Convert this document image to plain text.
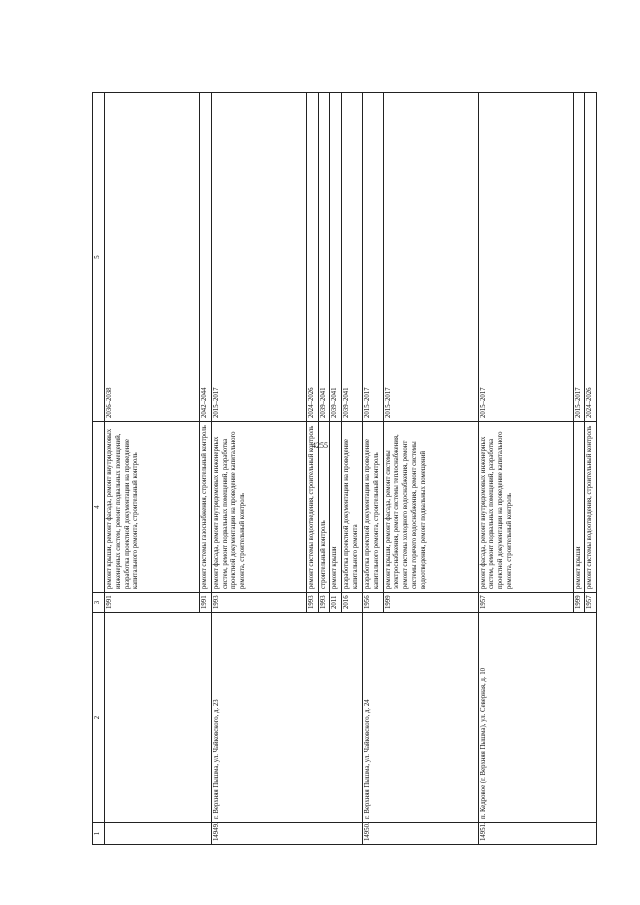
4255
1	2	3	4	5
		1991	ремонт крыши, ремонт фасада, ремонт внутридомовых инженерных систем, ремонт подвальных помещений, разработка проектной документации на проведение капитального ремонта, строительный контроль	2036–2038
		1991	ремонт системы газоснабжения, строительный контроль	2042–2044
14949.	г. Верхняя Пышма, ул. Чайковского, д. 23	1993	ремонт фасада, ремонт внутридомовых инженерных систем, ремонт подвальных помещений, разработка проектной документации на проведение капитального ремонта, строительный контроль	2015–2017
		1993	ремонт системы водоотведения, строительный контроль	2024–2026
		1993	строительный контроль	2039–2041
		2011	ремонт крыши	2039–2041
		2016	разработка проектной документации на проведение капитального ремонта	2039–2041
14950.	г. Верхняя Пышма, ул. Чайковского, д. 24	1956	разработка проектной документации на проведение капитального ремонта, строительный контроль	2015–2017
		1999	ремонт крыши, ремонт фасада, ремонт системы электроснабжения, ремонт системы теплоснабжения, ремонт системы холодного водоснабжения, ремонт системы горячего водоснабжения, ремонт системы водоотведения, ремонт подвальных помещений	2015–2017
14951.	п. Кедровое (г. Верхняя Пышма), ул. Северная, д. 10	1957	ремонт фасада, ремонт внутридомовых инженерных систем, ремонт подвальных помещений, разработка проектной документации на проведение капитального ремонта, строительный контроль	2015–2017
		1999	ремонт крыши	2015–2017
		1957	ремонт системы водоотведения, строительный контроль	2024–2026
